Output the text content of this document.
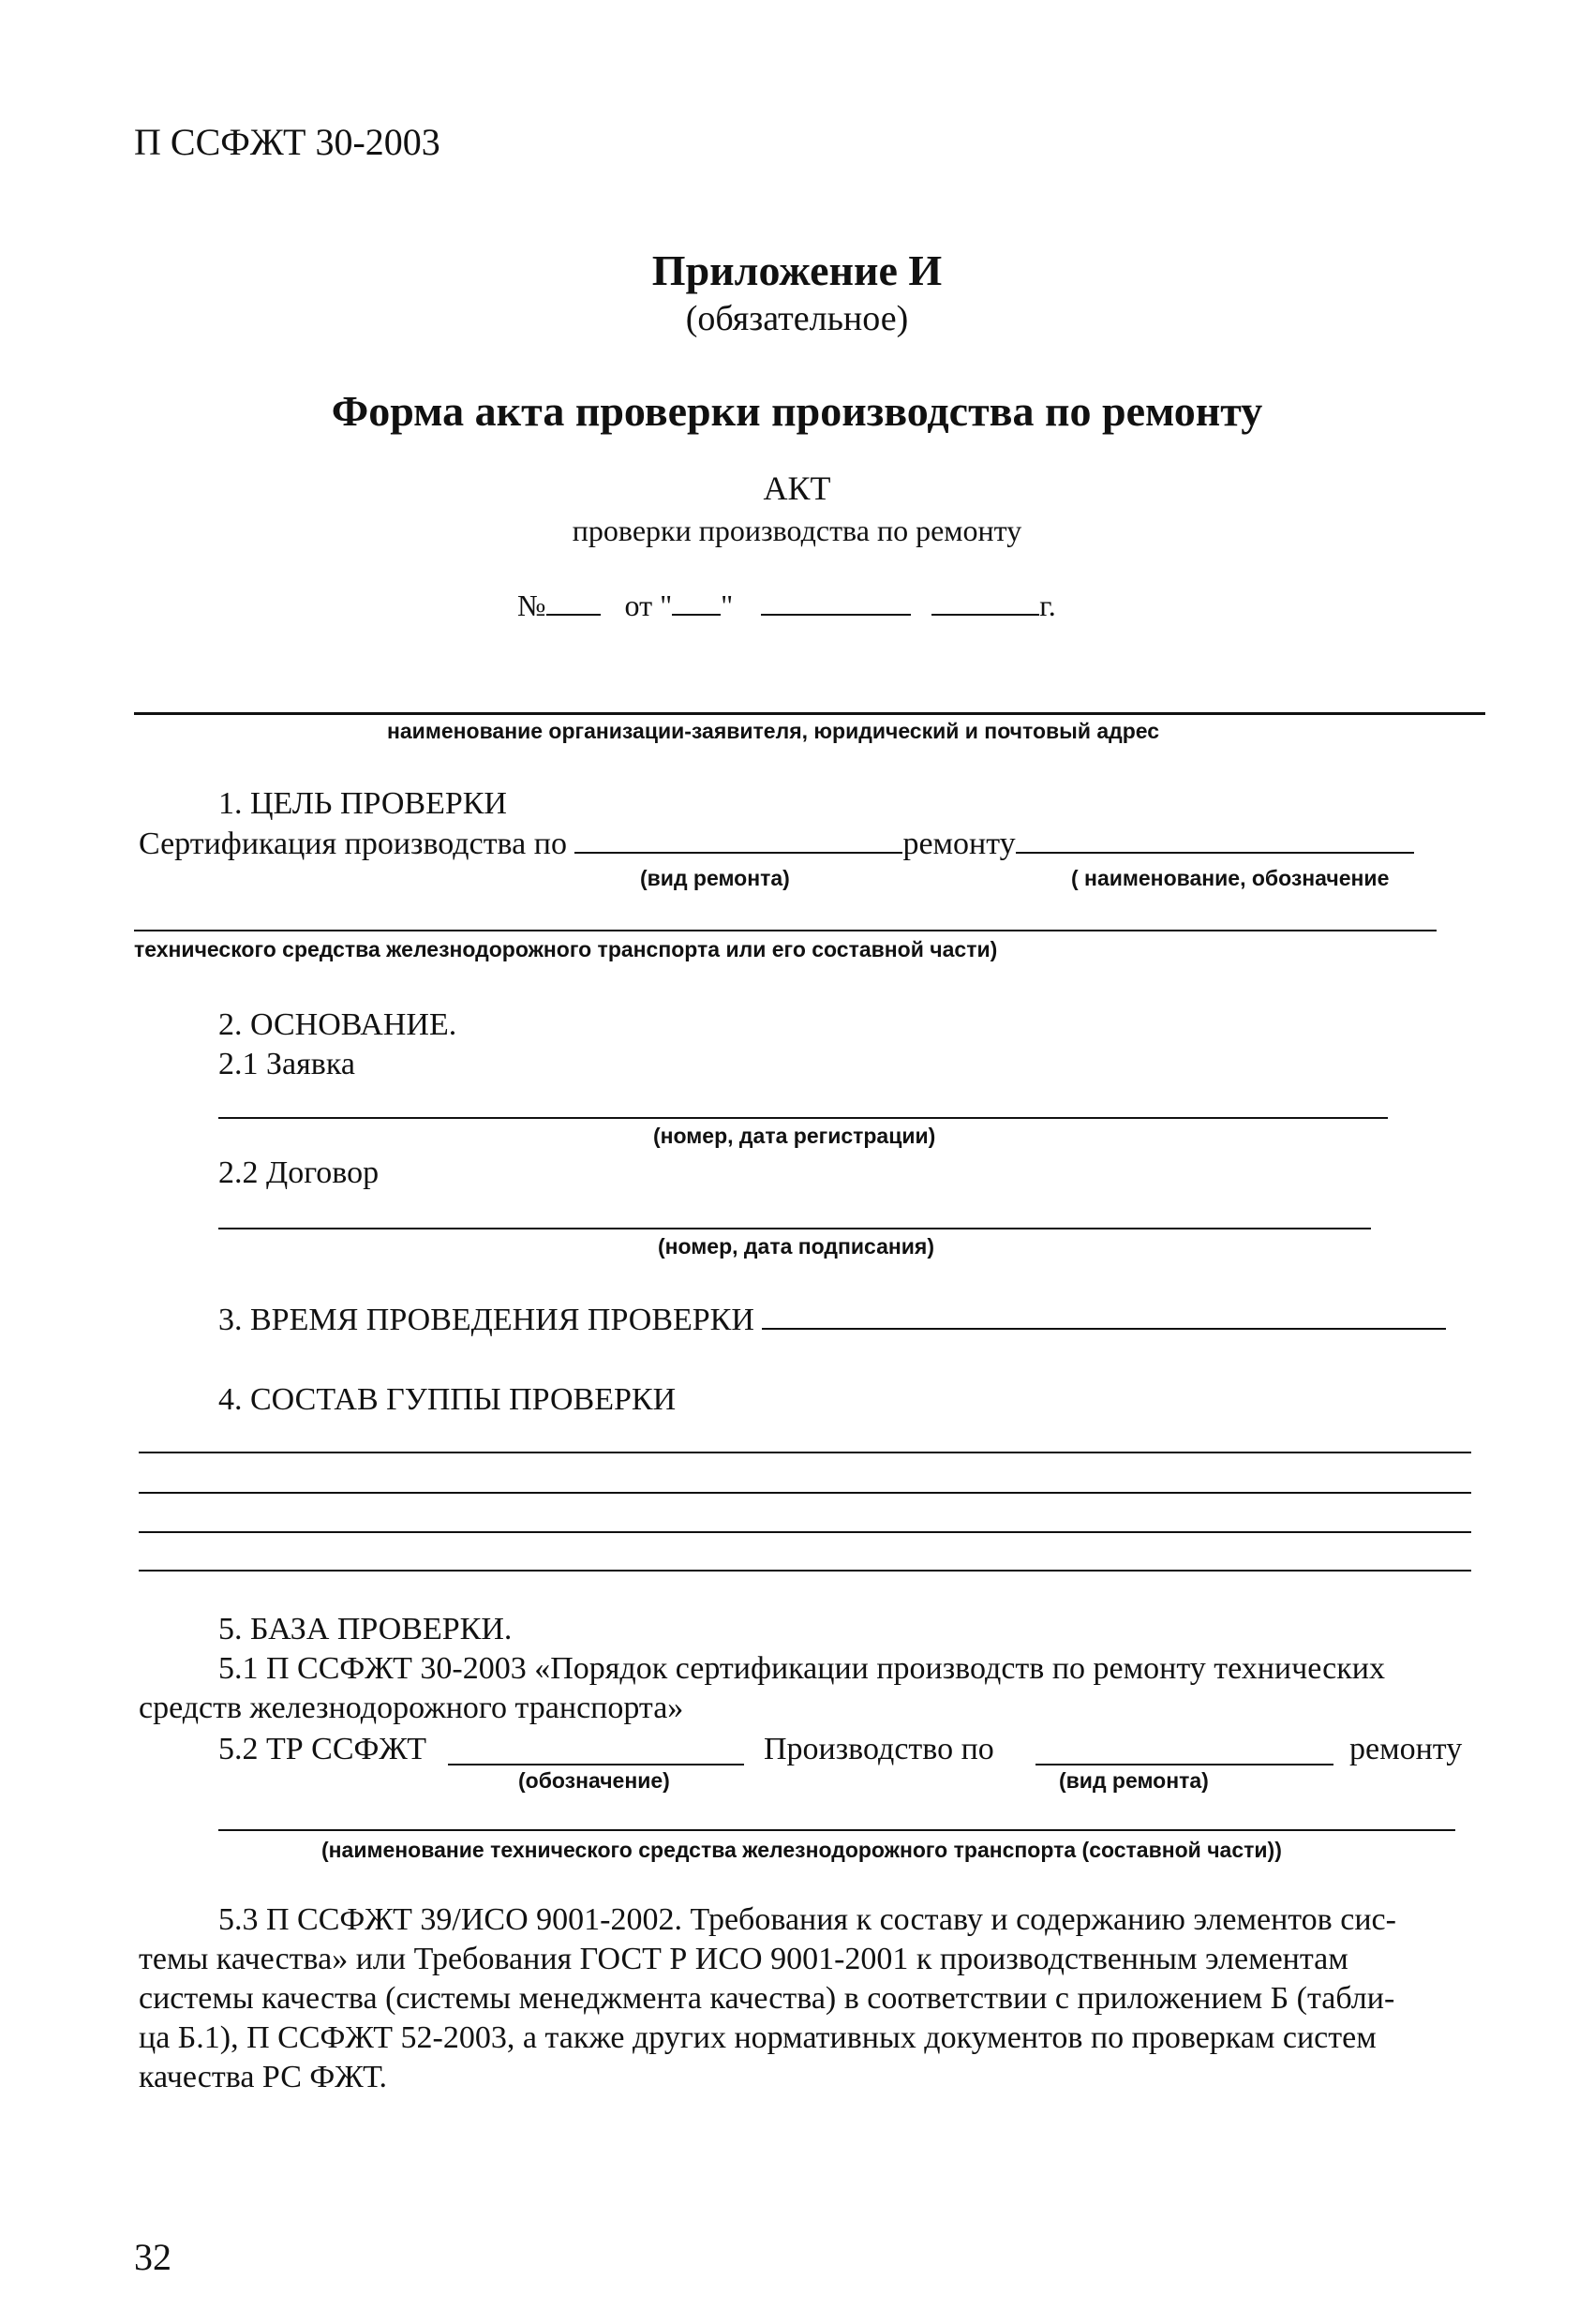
П ССФЖТ 30-2003
Приложение И
(обязательное)
Форма акта проверки производства по ремонту
АКТ
проверки производства по ремонту
№	от " "	г.
наименование организации-заявителя, юридический и почтовый адрес
1. ЦЕЛЬ ПРОВЕРКИ
Сертификация производства по	ремонту
(вид ремонта)	( наименование, обозначение
технического средства железнодорожного транспорта или его составной части)
2. ОСНОВАНИЕ.
2.1 Заявка
(номер, дата регистрации)
2.2 Договор
(номер, дата подписания)
3. ВРЕМЯ ПРОВЕДЕНИЯ ПРОВЕРКИ
4. СОСТАВ ГУППЫ ПРОВЕРКИ
5. БАЗА ПРОВЕРКИ.
5.1 П ССФЖТ 30-2003 «Порядок сертификации производств по ремонту технических
средств железнодорожного транспорта»
5.2 ТР ССФЖТ	Производство по	ремонту
(обозначение)	(вид ремонта)
(наименование технического средства железнодорожного транспорта (составной части))
5.3 П ССФЖТ 39/ИСО 9001-2002. Требования к составу и содержанию элементов сис-
темы качества» или Требования ГОСТ Р ИСО 9001-2001 к производственным элементам
системы качества (системы менеджмента качества) в соответствии с приложением Б (табли-
ца Б.1), П ССФЖТ 52-2003, а также других нормативных документов по проверкам систем
качества РС ФЖТ.
32
